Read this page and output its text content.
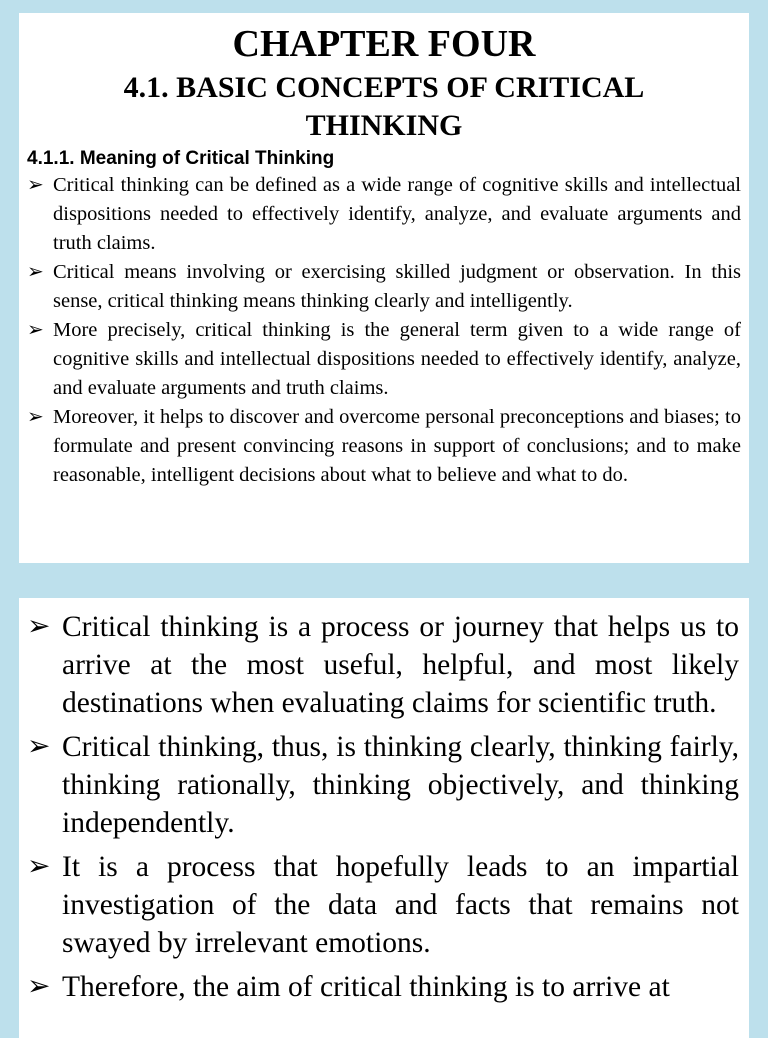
CHAPTER FOUR
4.1. BASIC CONCEPTS OF CRITICAL THINKING
4.1.1. Meaning of Critical Thinking
➢ Critical thinking can be defined as a wide range of cognitive skills and intellectual dispositions needed to effectively identify, analyze, and evaluate arguments and truth claims.
➢ Critical means involving or exercising skilled judgment or observation. In this sense, critical thinking means thinking clearly and intelligently.
➢ More precisely, critical thinking is the general term given to a wide range of cognitive skills and intellectual dispositions needed to effectively identify, analyze, and evaluate arguments and truth claims.
➢ Moreover, it helps to discover and overcome personal preconceptions and biases; to formulate and present convincing reasons in support of conclusions; and to make reasonable, intelligent decisions about what to believe and what to do.
➢ Critical thinking is a process or journey that helps us to arrive at the most useful, helpful, and most likely destinations when evaluating claims for scientific truth.
➢ Critical thinking, thus, is thinking clearly, thinking fairly, thinking rationally, thinking objectively, and thinking independently.
➢ It is a process that hopefully leads to an impartial investigation of the data and facts that remains not swayed by irrelevant emotions.
➢ Therefore, the aim of critical thinking is to arrive at
